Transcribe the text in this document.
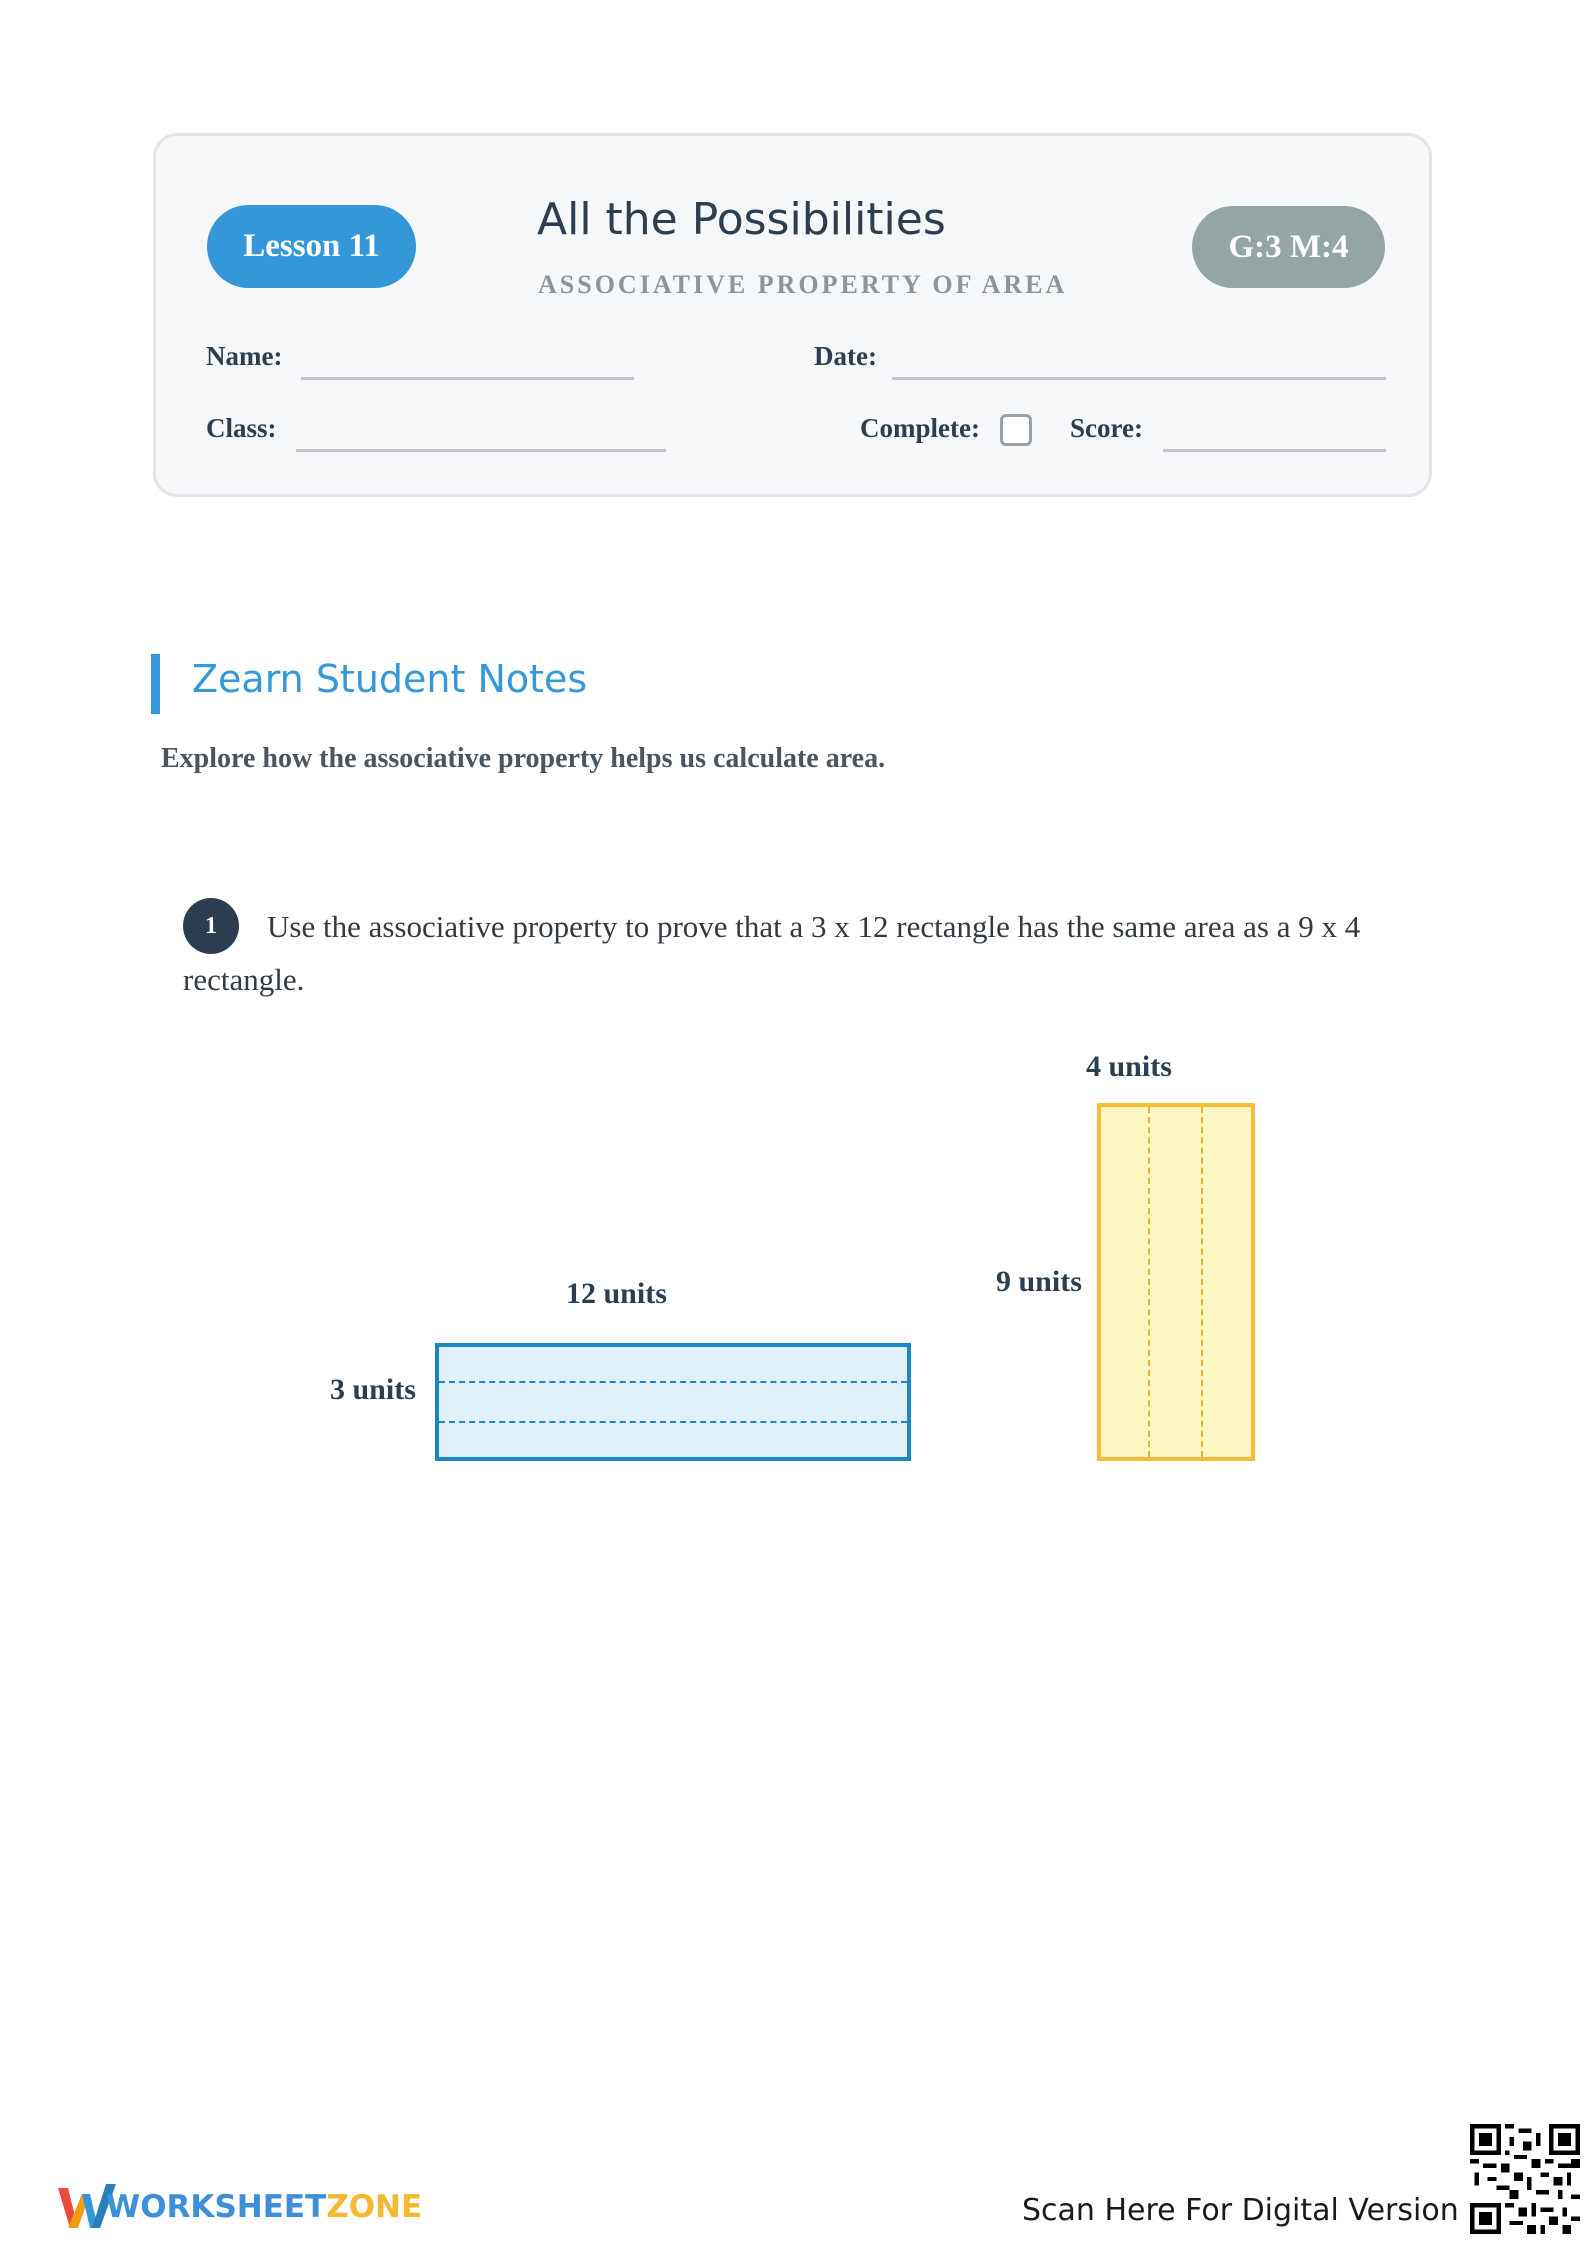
Lesson 11
All the Possibilities
ASSOCIATIVE PROPERTY OF AREA
G:3 M:4
Name:	Date:
Class:	Complete:	Score:
Zearn Student Notes
Explore how the associative property helps us calculate area.
Use the associative property to prove that a 3 x 12 rectangle has the same area as a 9 x 4 rectangle.
1
12 units
3 units
4 units
9 units
WORKSHEETZONE	Scan Here For Digital Version
